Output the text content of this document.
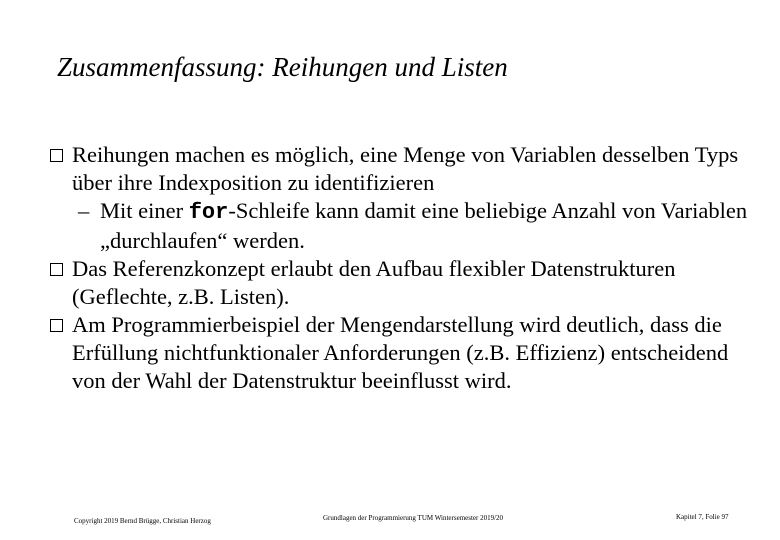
Zusammenfassung: Reihungen und Listen
Reihungen machen es möglich, eine Menge von Variablen desselben Typs über ihre Indexposition zu identifizieren
– Mit einer for-Schleife kann damit eine beliebige Anzahl von Variablen „durchlaufen“ werden.
Das Referenzkonzept erlaubt den Aufbau flexibler Datenstrukturen (Geflechte, z.B. Listen).
Am Programmierbeispiel der Mengendarstellung wird deutlich, dass die Erfüllung nichtfunktionaler Anforderungen (z.B. Effizienz) entscheidend von der Wahl der Datenstruktur beeinflusst wird.
Copyright 2019 Bernd Brügge, Christian Herzog	Grundlagen der Programmierung TUM Wintersemester 2019/20	Kapitel 7, Folie 97
